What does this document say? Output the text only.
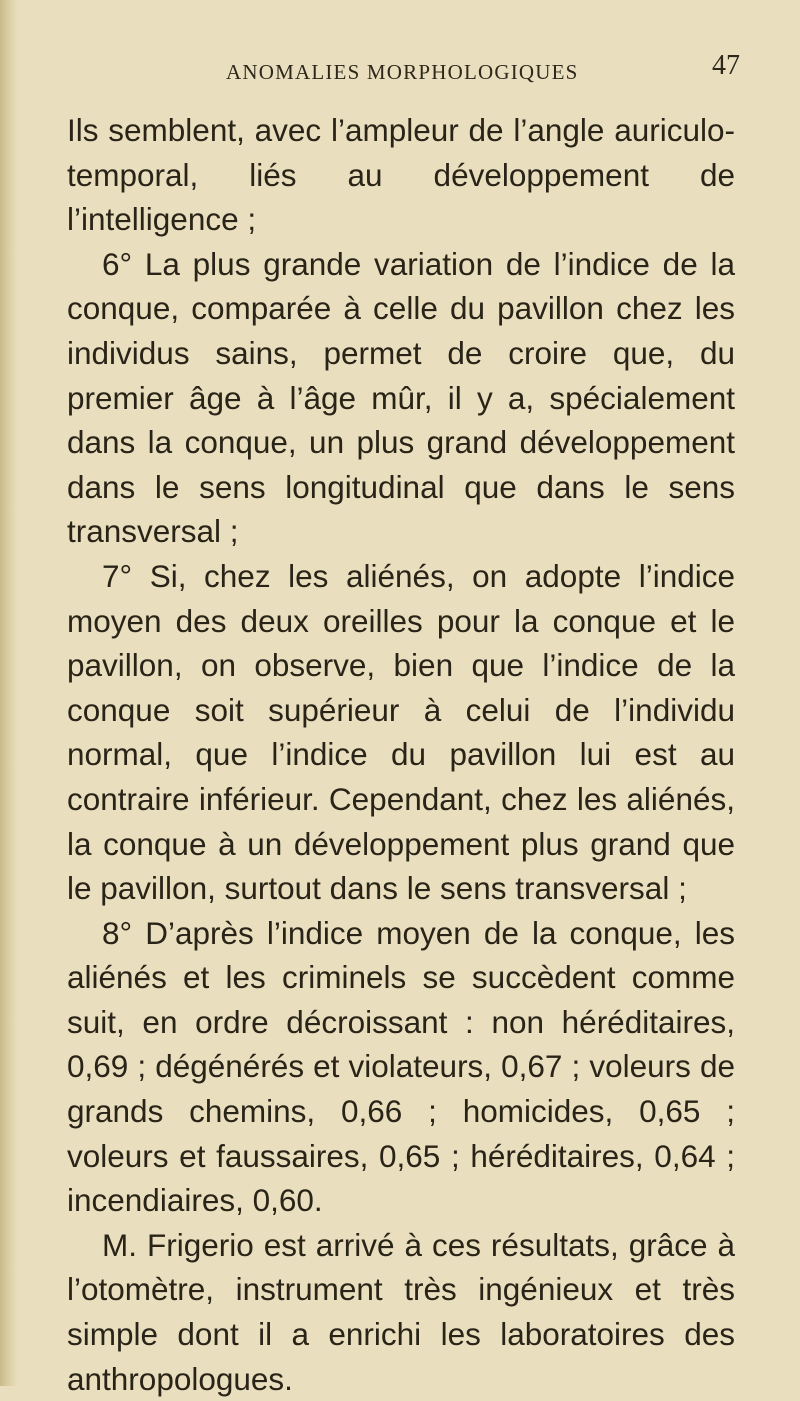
ANOMALIES MORPHOLOGIQUES	47

Ils semblent, avec l’ampleur de l’angle auriculo-temporal, liés au développement de l’intelligence ;

6° La plus grande variation de l’indice de la conque, comparée à celle du pavillon chez les individus sains, permet de croire que, du premier âge à l’âge mûr, il y a, spécialement dans la conque, un plus grand développement dans le sens longitudinal que dans le sens transversal ;

7° Si, chez les aliénés, on adopte l’indice moyen des deux oreilles pour la conque et le pavillon, on observe, bien que l’indice de la conque soit supérieur à celui de l’individu normal, que l’indice du pavillon lui est au contraire inférieur. Cependant, chez les aliénés, la conque à un développement plus grand que le pavillon, surtout dans le sens transversal ;

8° D’après l’indice moyen de la conque, les aliénés et les criminels se succèdent comme suit, en ordre décroissant : non héréditaires, 0,69 ; dégénérés et violateurs, 0,67 ; voleurs de grands chemins, 0,66 ; homicides, 0,65 ; voleurs et faussaires, 0,65 ; héréditaires, 0,64 ; incendiaires, 0,60.

M. Frigerio est arrivé à ces résultats, grâce à l’otomètre, instrument très ingénieux et très simple dont il a enrichi les laboratoires des anthropologues.
